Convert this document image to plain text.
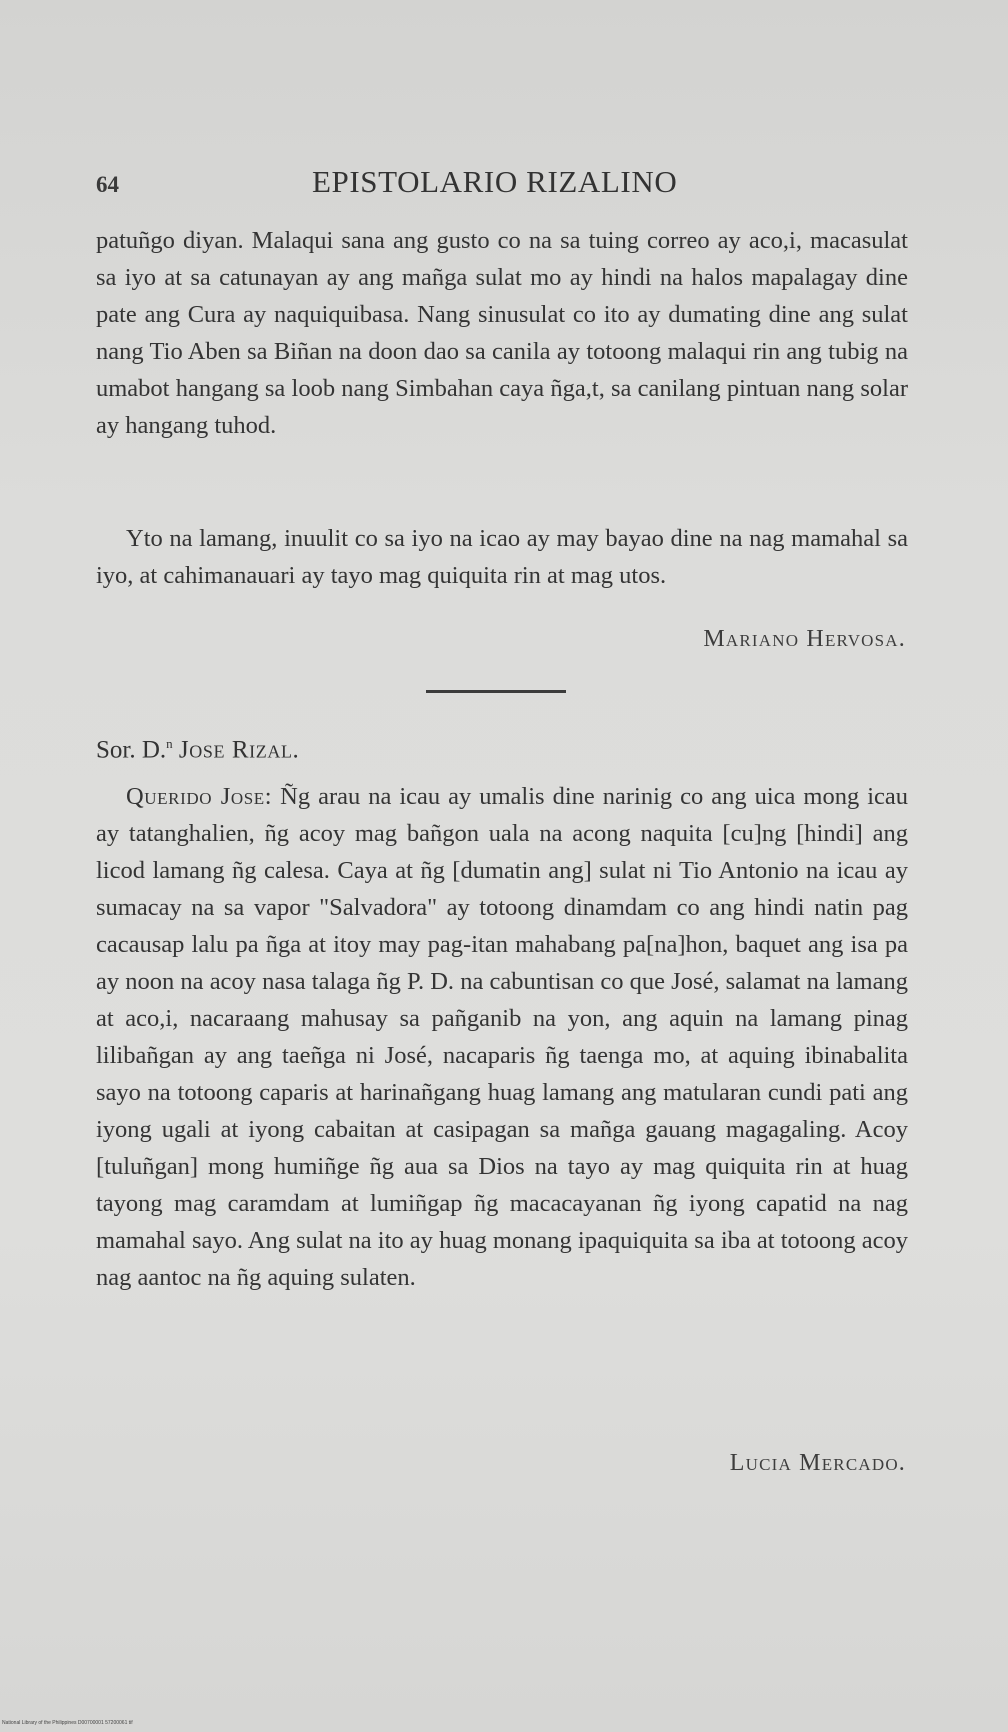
64	EPISTOLARIO RIZALINO

patuñgo diyan. Malaqui sana ang gusto co na sa tuing correo ay aco,i, macasulat sa iyo at sa catunayan ay ang mañga sulat mo ay hindi na halos mapalagay dine pate ang Cura ay naquiquibasa. Nang sinusulat co ito ay dumating dine ang sulat nang Tio Aben sa Biñan na doon dao sa canila ay totoong malaqui rin ang tubig na umabot hangang sa loob nang Simbahan caya ñga,t, sa canilang pintuan nang solar ay hangang tuhod.

Yto na lamang, inuulit co sa iyo na icao ay may bayao dine na nag mamahal sa iyo, at cahimanauari ay tayo mag quiquita rin at mag utos.

Mariano Hervosa.
Sor. D.$^n$ Jose Rizal.

Querido Jose: Ñg arau na icau ay umalis dine narinig co ang uica mong icau ay tatanghalien, ñg acoy mag bañgon uala na acong naquita [cu]ng [hindi] ang licod lamang ñg calesa. Caya at ñg [dumatin ang] sulat ni Tio Antonio na icau ay sumacay na sa vapor "Salvadora" ay totoong dinamdam co ang hindi natin pag cacausap lalu pa ñga at itoy may pag-itan mahabang pa[na]hon, baquet ang isa pa ay noon na acoy nasa talaga ñg P. D. na cabuntisan co que José, salamat na lamang at aco,i, nacaraang mahusay sa pañganib na yon, ang aquin na lamang pinag lilibañgan ay ang taeñga ni José, nacaparis ñg taenga mo, at aquing ibinabalita sayo na totoong caparis at harinañgang huag lamang ang matularan cundi pati ang iyong ugali at iyong cabaitan at casipagan sa mañga gauang magagaling. Acoy [tuluñgan] mong humiñge ñg aua sa Dios na tayo ay mag quiquita rin at huag tayong mag caramdam at lumiñgap ñg macacayanan ñg iyong capatid na nag mamahal sayo. Ang sulat na ito ay huag monang ipaquiquita sa iba at totoong acoy nag aantoc na ñg aquing sulaten.

Lucia Mercado.
National Library of the Philippines D00700001 57200061 tif
